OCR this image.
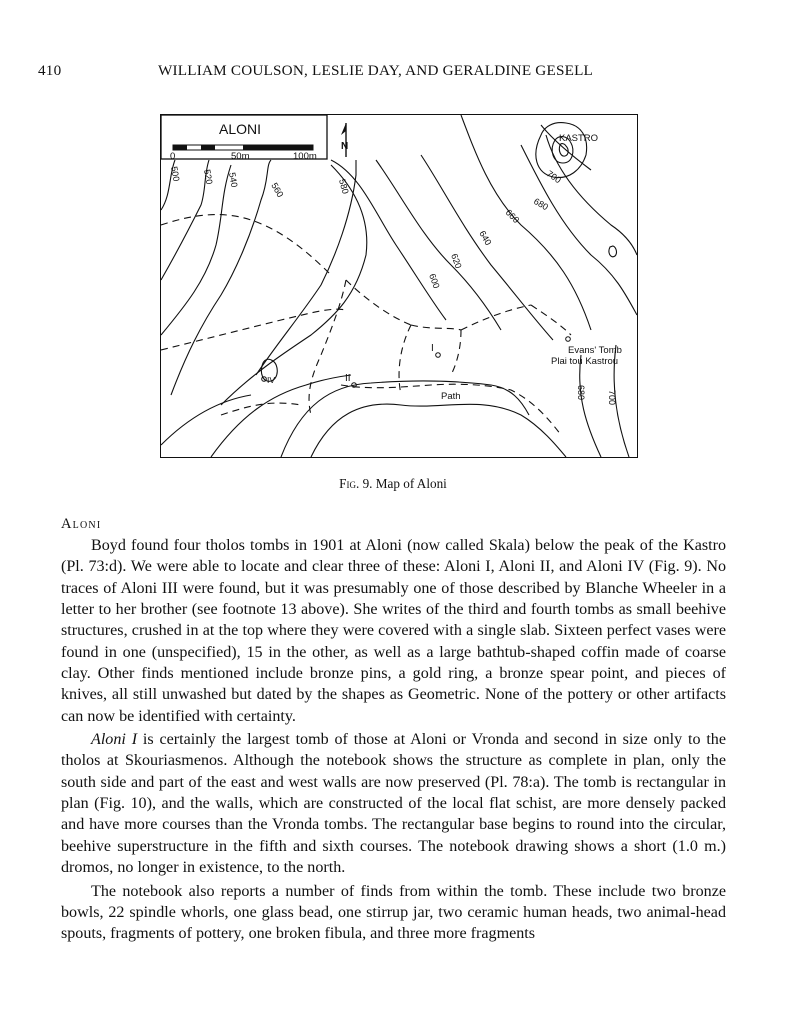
410	WILLIAM COULSON, LESLIE DAY, AND GERALDINE GESELL
ALONI
0	50m	100m
N
500 520 540
560	580
600
620
640
660
680
700
680 700
KASTRO
Evans' Tomb
Plai tou Kastrou
Path
I
II
IV
Fig. 9. Map of Aloni
Aloni

Boyd found four tholos tombs in 1901 at Aloni (now called Skala) below the peak of the Kastro (Pl. 73:d). We were able to locate and clear three of these: Aloni I, Aloni II, and Aloni IV (Fig. 9). No traces of Aloni III were found, but it was presumably one of those described by Blanche Wheeler in a letter to her brother (see footnote 13 above). She writes of the third and fourth tombs as small beehive structures, crushed in at the top where they were covered with a single slab. Sixteen perfect vases were found in one (unspecified), 15 in the other, as well as a large bathtub-shaped coffin made of coarse clay. Other finds mentioned include bronze pins, a gold ring, a bronze spear point, and pieces of knives, all still unwashed but dated by the shapes as Geometric. None of the pottery or other artifacts can now be identified with certainty.

Aloni I is certainly the largest tomb of those at Aloni or Vronda and second in size only to the tholos at Skouriasmenos. Although the notebook shows the structure as complete in plan, only the south side and part of the east and west walls are now preserved (Pl. 78:a). The tomb is rectangular in plan (Fig. 10), and the walls, which are constructed of the local flat schist, are more densely packed and have more courses than the Vronda tombs. The rectangular base begins to round into the circular, beehive superstructure in the fifth and sixth courses. The notebook drawing shows a short (1.0 m.) dromos, no longer in existence, to the north.

The notebook also reports a number of finds from within the tomb. These include two bronze bowls, 22 spindle whorls, one glass bead, one stirrup jar, two ceramic human heads, two animal-head spouts, fragments of pottery, one broken fibula, and three more fragments
